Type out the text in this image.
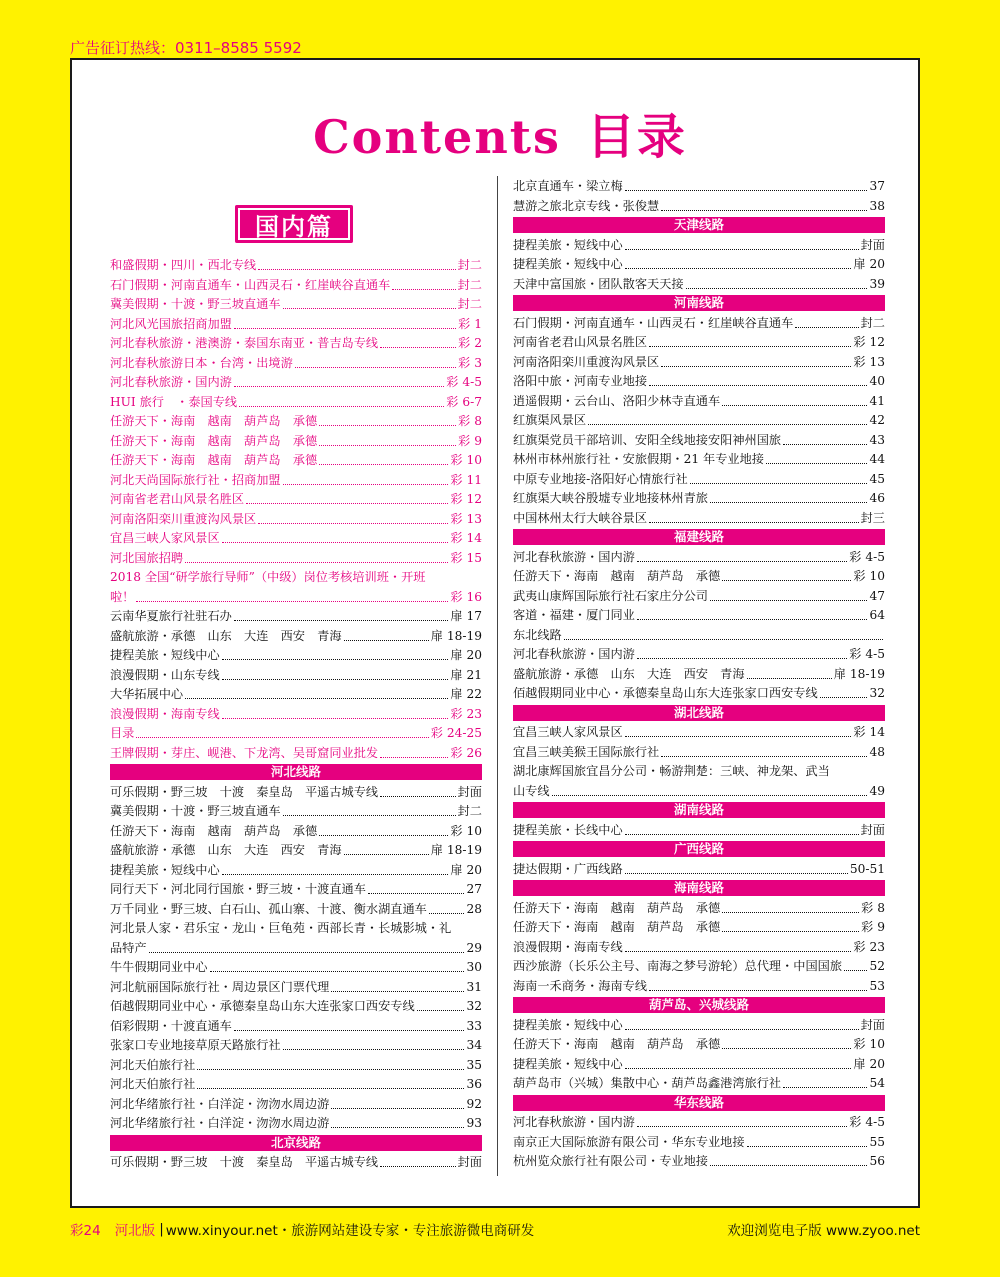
广告征订热线：0311–8585 5592
Contents 目录
国内篇
和盛假期・四川・西北专线	封二
石门假期・河南直通车・山西灵石・红崖峡谷直通车	封二
冀美假期・十渡・野三坡直通车	封二
河北风光国旅招商加盟	彩 1
河北春秋旅游・港澳游・泰国东南亚・普吉岛专线	彩 2
河北春秋旅游日本・台湾・出境游	彩 3
河北春秋旅游・国内游	彩 4-5
HUI 旅行　・泰国专线	彩 6-7
任游天下・海南　越南　葫芦岛　承德	彩 8
任游天下・海南　越南　葫芦岛　承德	彩 9
任游天下・海南　越南　葫芦岛　承德	彩 10
河北天尚国际旅行社・招商加盟	彩 11
河南省老君山风景名胜区	彩 12
河南洛阳栾川重渡沟风景区	彩 13
宜昌三峡人家风景区	彩 14
河北国旅招聘	彩 15
2018 全国“研学旅行导师”（中级）岗位考核培训班・开班
啦！	彩 16
云南华夏旅行社驻石办	扉 17
盛航旅游・承德　山东　大连　西安　青海	扉 18-19
捷程美旅・短线中心	扉 20
浪漫假期・山东专线	扉 21
大华拓展中心	扉 22
浪漫假期・海南专线	彩 23
目录	彩 24-25
王牌假期・芽庄、岘港、下龙湾、吴哥窟同业批发	彩 26
河北线路
可乐假期・野三坡　十渡　秦皇岛　平遥古城专线	封面
冀美假期・十渡・野三坡直通车	封二
任游天下・海南　越南　葫芦岛　承德	彩 10
盛航旅游・承德　山东　大连　西安　青海	扉 18-19
捷程美旅・短线中心	扉 20
同行天下・河北同行国旅・野三坡・十渡直通车	27
万千同业・野三坡、白石山、孤山寨、十渡、衡水湖直通车	28
河北景人家・君乐宝・龙山・巨龟苑・西部长青・长城影城・礼
品特产	29
牛牛假期同业中心	30
河北航丽国际旅行社・周边景区门票代理	31
佰越假期同业中心・承德秦皇岛山东大连张家口西安专线	32
佰彩假期・十渡直通车	33
张家口专业地接草原天路旅行社	34
河北天伯旅行社	35
河北天伯旅行社	36
河北华绪旅行社・白洋淀・沕沕水周边游	92
河北华绪旅行社・白洋淀・沕沕水周边游	93
北京线路
可乐假期・野三坡　十渡　秦皇岛　平遥古城专线	封面
北京直通车・梁立梅	37
慧游之旅北京专线・张俊慧	38
天津线路
捷程美旅・短线中心	封面
捷程美旅・短线中心	扉 20
天津中富国旅・团队散客天天接	39
河南线路
石门假期・河南直通车・山西灵石・红崖峡谷直通车	封二
河南省老君山风景名胜区	彩 12
河南洛阳栾川重渡沟风景区	彩 13
洛阳中旅・河南专业地接	40
逍遥假期・云台山、洛阳少林寺直通车	41
红旗渠风景区	42
红旗渠党员干部培训、安阳全线地接安阳神州国旅	43
林州市林州旅行社・安旅假期・21 年专业地接	44
中原专业地接-洛阳好心情旅行社	45
红旗渠大峡谷殷墟专业地接林州青旅	46
中国林州太行大峡谷景区	封三
福建线路
河北春秋旅游・国内游	彩 4-5
任游天下・海南　越南　葫芦岛　承德	彩 10
武夷山康辉国际旅行社石家庄分公司	47
客道・福建・厦门同业	64
东北线路
河北春秋旅游・国内游	彩 4-5
盛航旅游・承德　山东　大连　西安　青海	扉 18-19
佰越假期同业中心・承德秦皇岛山东大连张家口西安专线	32
湖北线路
宜昌三峡人家风景区	彩 14
宜昌三峡美猴王国际旅行社	48
湖北康辉国旅宜昌分公司・畅游荆楚：三峡、神龙架、武当
山专线	49
湖南线路
捷程美旅・长线中心	封面
广西线路
捷达假期・广西线路	50-51
海南线路
任游天下・海南　越南　葫芦岛　承德	彩 8
任游天下・海南　越南　葫芦岛　承德	彩 9
浪漫假期・海南专线	彩 23
西沙旅游（长乐公主号、南海之梦号游轮）总代理・中国国旅 52
海南一禾商务・海南专线	53
葫芦岛、兴城线路
捷程美旅・短线中心	封面
任游天下・海南　越南　葫芦岛　承德	彩 10
捷程美旅・短线中心	扉 20
葫芦岛市（兴城）集散中心・葫芦岛鑫港湾旅行社	54
华东线路
河北春秋旅游・国内游	彩 4-5
南京正大国际旅游有限公司・华东专业地接	55
杭州览众旅行社有限公司・专业地接	56
彩24 河北版 | www.xinyour.net・旅游网站建设专家・专注旅游微电商研发	欢迎浏览电子版 www.zyoo.net
